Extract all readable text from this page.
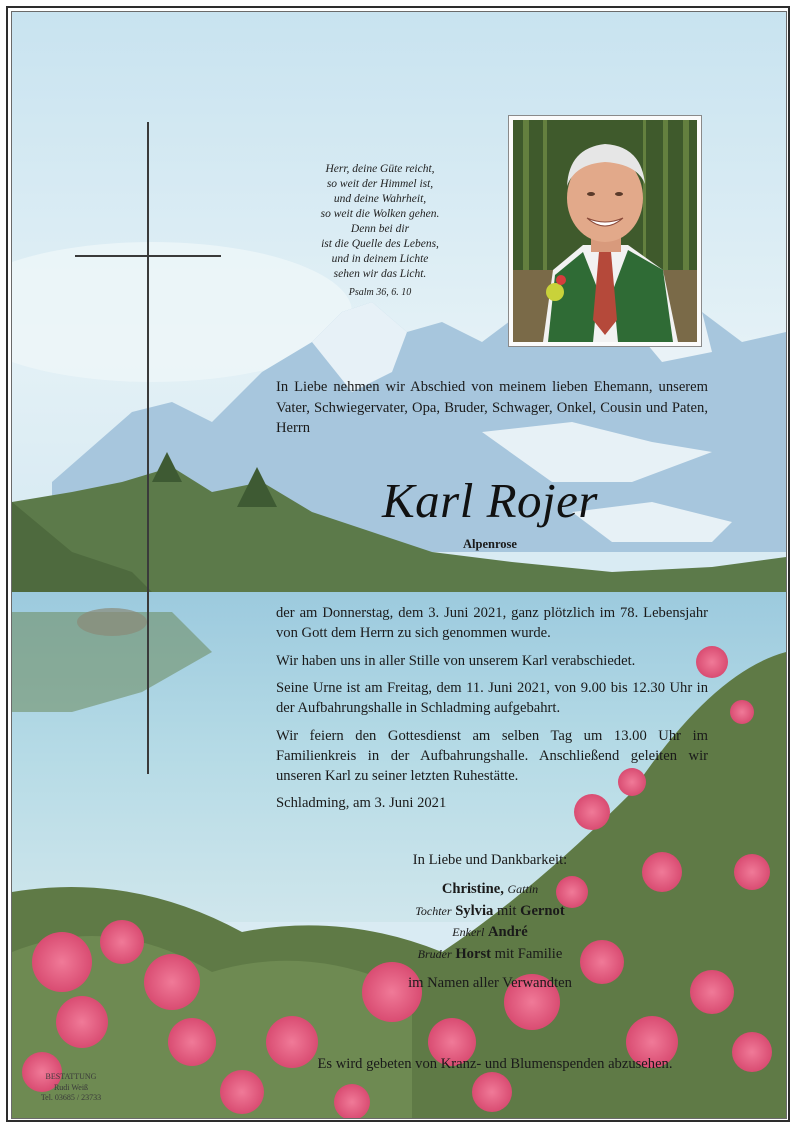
Herr, deine Güte reicht,
so weit der Himmel ist,
und deine Wahrheit,
so weit die Wolken gehen.
Denn bei dir
ist die Quelle des Lebens,
und in deinem Lichte
sehen wir das Licht.
Psalm 36, 6. 10
In Liebe nehmen wir Abschied von meinem lieben Ehemann, unserem Vater, Schwiegervater, Opa, Bruder, Schwager, Onkel, Cousin und Paten, Herrn
Karl Rojer
Alpenrose

der am Donnerstag, dem 3. Juni 2021, ganz plötzlich im 78. Lebensjahr von Gott dem Herrn zu sich genommen wurde.

Wir haben uns in aller Stille von unserem Karl verabschiedet.

Seine Urne ist am Freitag, dem 11. Juni 2021, von 9.00 bis 12.30 Uhr in der Aufbahrungshalle in Schladming aufgebahrt.

Wir feiern den Gottesdienst am selben Tag um 13.00 Uhr im Familienkreis in der Aufbahrungshalle. Anschließend geleiten wir unseren Karl zu seiner letzten Ruhestätte.

Schladming, am 3. Juni 2021

In Liebe und Dankbarkeit:
Christine, Gattin
Tochter Sylvia mit Gernot
Enkerl André
Bruder Horst mit Familie
im Namen aller Verwandten
Es wird gebeten von Kranz- und Blumenspenden abzusehen.
BESTATTUNG
Rudi Weiß
Tel. 03685 / 23733
